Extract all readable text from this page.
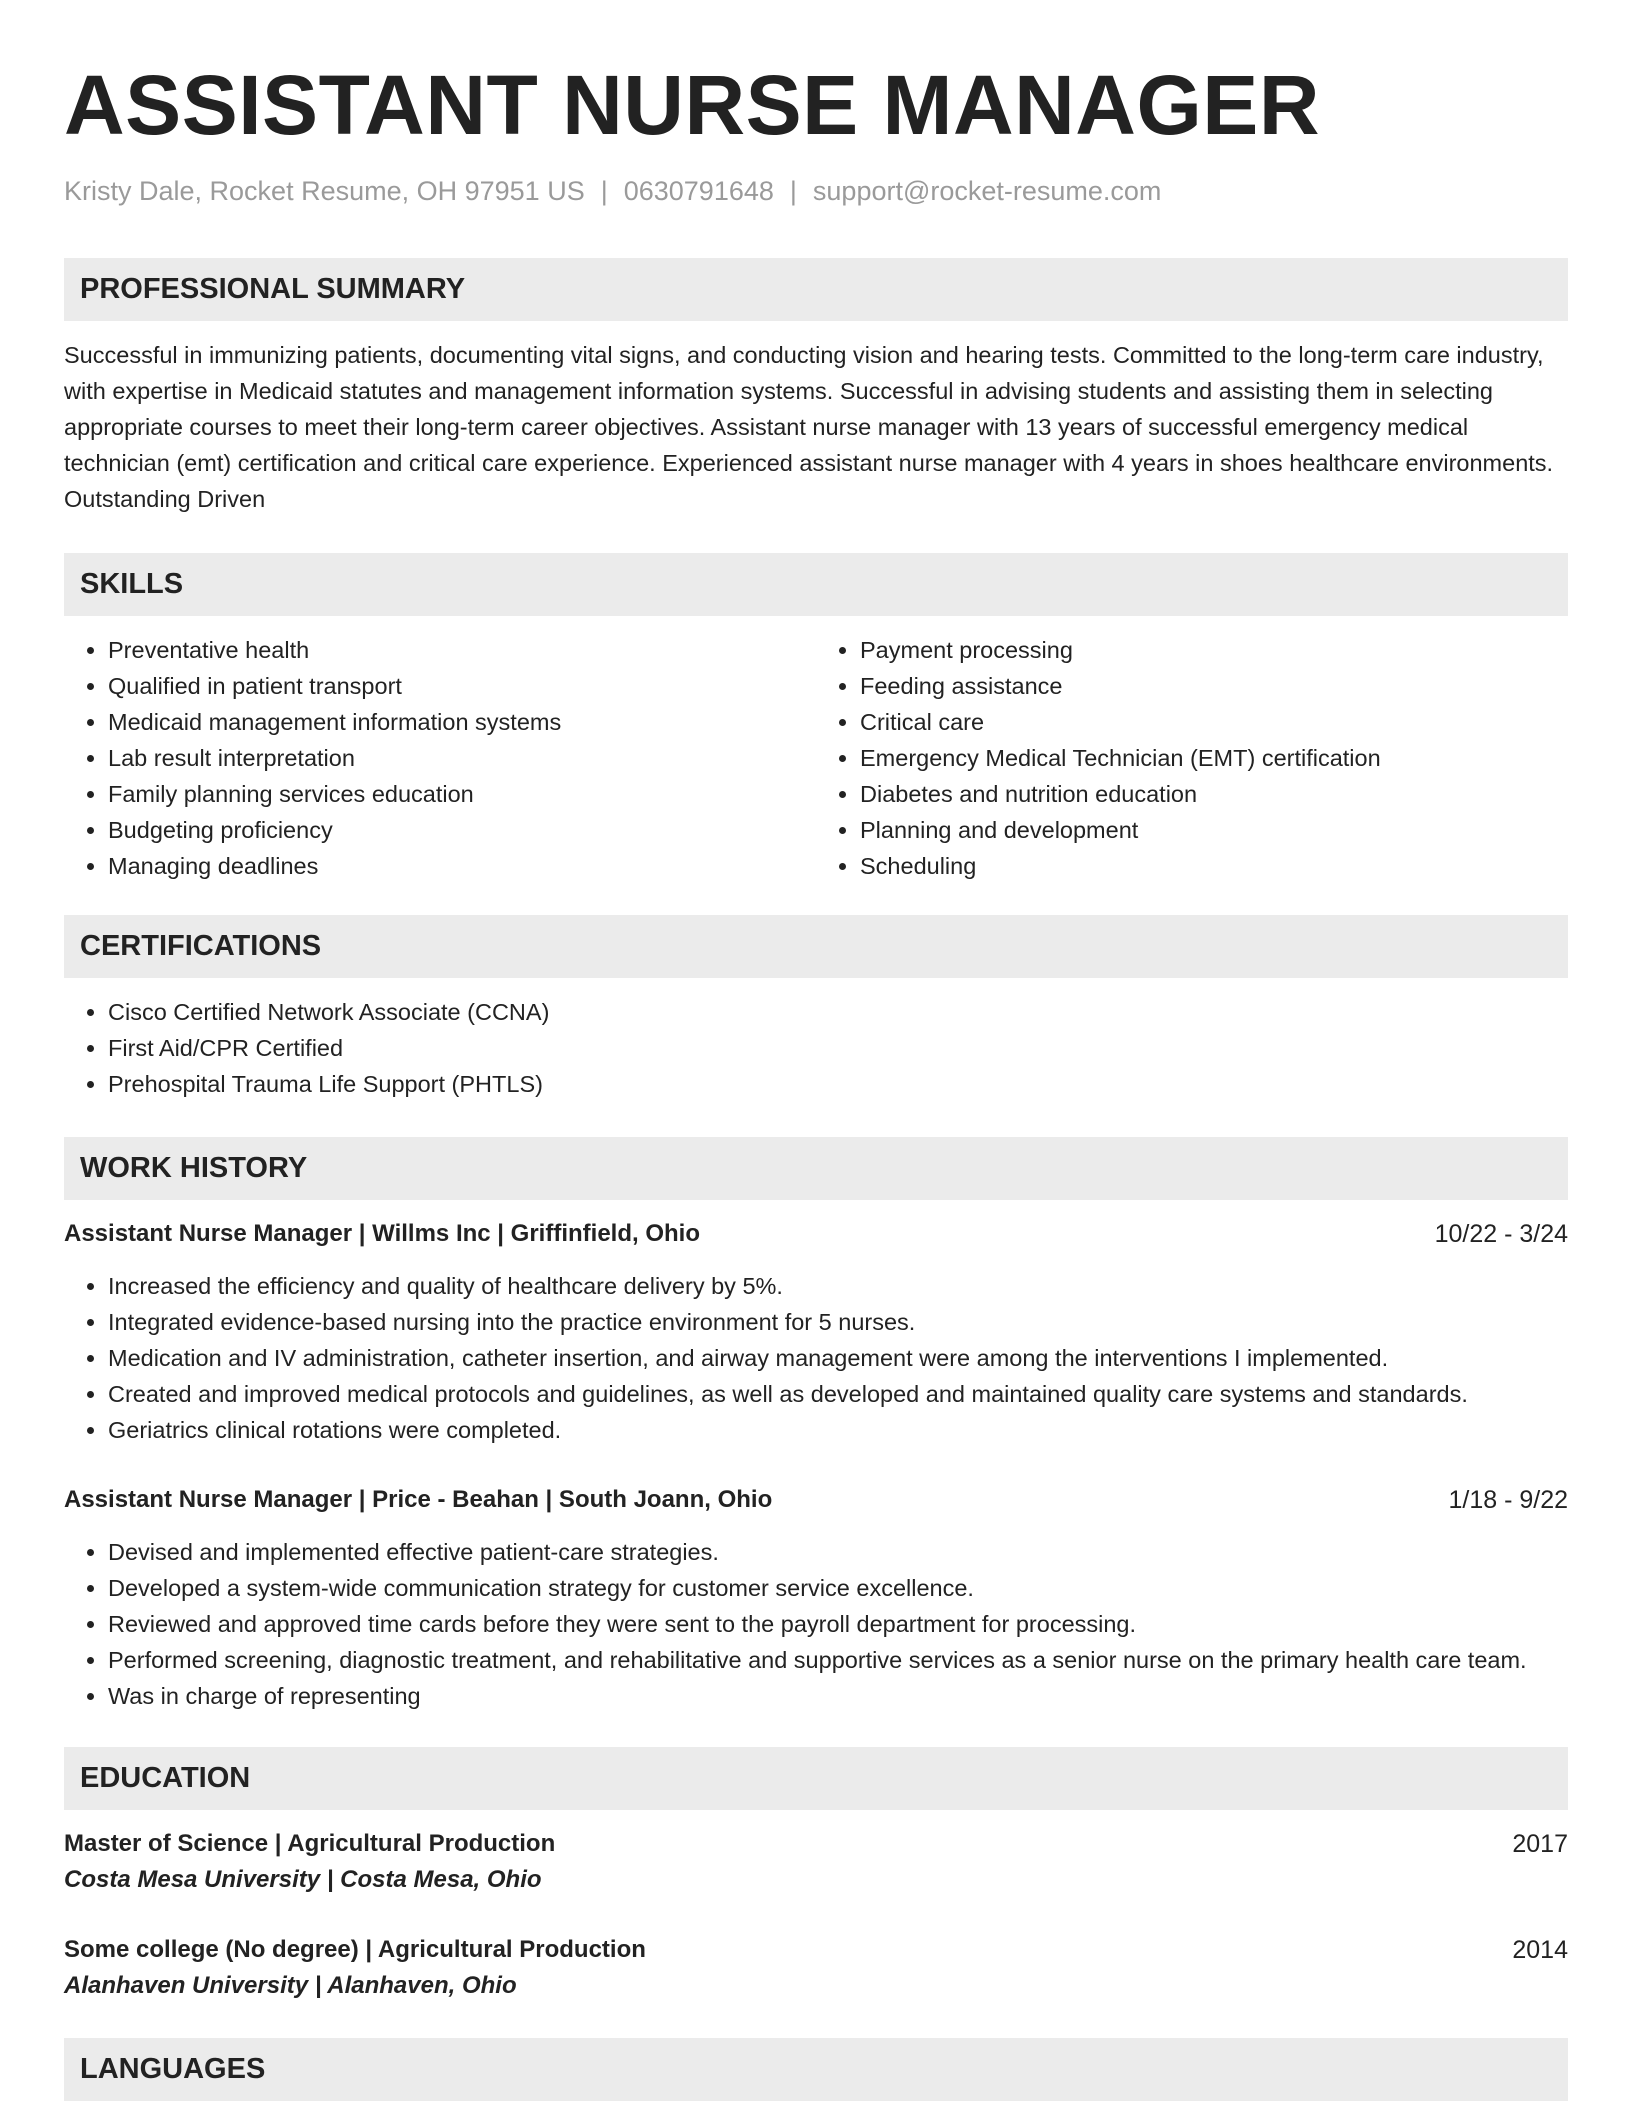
ASSISTANT NURSE MANAGER
Kristy Dale, Rocket Resume, OH 97951 US | 0630791648 | support@rocket-resume.com
PROFESSIONAL SUMMARY

Successful in immunizing patients, documenting vital signs, and conducting vision and hearing tests. Committed to the long-term care industry, with expertise in Medicaid statutes and management information systems. Successful in advising students and assisting them in selecting appropriate courses to meet their long-term career objectives. Assistant nurse manager with 13 years of successful emergency medical technician (emt) certification and critical care experience. Experienced assistant nurse manager with 4 years in shoes healthcare environments. Outstanding Driven

SKILLS
• Preventative health
• Qualified in patient transport
• Medicaid management information systems
• Lab result interpretation
• Family planning services education
• Budgeting proficiency
• Managing deadlines
• Payment processing
• Feeding assistance
• Critical care
• Emergency Medical Technician (EMT) certification
• Diabetes and nutrition education
• Planning and development
• Scheduling
CERTIFICATIONS
• Cisco Certified Network Associate (CCNA)
• First Aid/CPR Certified
• Prehospital Trauma Life Support (PHTLS)
WORK HISTORY
Assistant Nurse Manager | Willms Inc | Griffinfield, Ohio	10/22 - 3/24
• Increased the efficiency and quality of healthcare delivery by 5%.
• Integrated evidence-based nursing into the practice environment for 5 nurses.
• Medication and IV administration, catheter insertion, and airway management were among the interventions I implemented.
• Created and improved medical protocols and guidelines, as well as developed and maintained quality care systems and standards.
• Geriatrics clinical rotations were completed.
Assistant Nurse Manager | Price - Beahan | South Joann, Ohio	1/18 - 9/22
• Devised and implemented effective patient-care strategies.
• Developed a system-wide communication strategy for customer service excellence.
• Reviewed and approved time cards before they were sent to the payroll department for processing.
• Performed screening, diagnostic treatment, and rehabilitative and supportive services as a senior nurse on the primary health care team.
• Was in charge of representing
EDUCATION
Master of Science | Agricultural Production	2017
Costa Mesa University | Costa Mesa, Ohio
Some college (No degree) | Agricultural Production	2014
Alanhaven University | Alanhaven, Ohio
LANGUAGES
